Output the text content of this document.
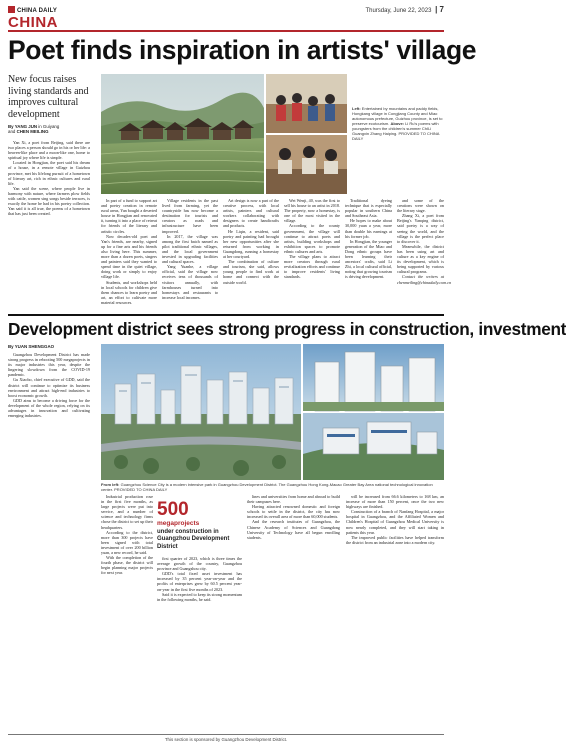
CHINA DAILY	Thursday, June 22, 2023 | 7
CHINA
Poet finds inspiration in artists' village
New focus raises living standards and improves cultural development
By YANG JUN in Guiyang
and CHEN MEILING
Left: Entertained by mountains and paddy fields, Hongkang village in Congjiang County and Miao autonomous prefecture, Guizhou province, is set to preserve ecotourism. Above: Li Ru's poems with youngsters from the children's summer ChILi Guangxin Zhang Haiping. PROVIDED TO CHINA DAILY

Yan Xi, a poet from Beijing, said there are two places a person should go in his or her life: a heaven-like place and a moon-like one, home to spiritual joy where life is simple.

Located in Hongjian, the poet said his dream of a house, in a remote village in Guizhou province, met his lifelong pursuit of a hometown of literary art, rich in ethnic cultures and rural life.

Yan said the scene, where people live in harmony with nature, where farmers plow fields with cattle, women sing songs beside terraces, is exactly the home he had in his poetry collection. Yan said it is all true, the poems of a hometown that has just been created.

In part of a fund to support art and poetry creation in remote rural areas, Yan bought a deserted house in Hongjian and renovated it, turning it into a place of retreat for friends of the literary and artistic circles.

Now decades-old poet and Yan's friends, are nearby, signed up for a fine arts and his friends also living here. This summer, more than a dozen poets, singers and painters said they wanted to spend time in the quiet village, doing work or simply to enjoy village life.

Students, and workshops held in local schools for children give them chances to learn poetry and art, an effort to cultivate more material resources.

Village residents in the past lived from farming, yet the countryside has now become a destination for tourists and creators as roads and infrastructure have been improved.

In 2017, the village was among the first batch named as pilot traditional ethnic villages, and the local government invested in upgrading facilities and cultural spaces.

Yang Yuanhe, a village official, said the village now receives tens of thousands of visitors annually, with farmhouses turned into homestays and restaurants to increase local incomes.

Art design is now a part of the creative process, with local artists, painters and cultural workers collaborating with designers to create handicrafts and products.

He Liqin, a resident, said poetry and painting had brought her new opportunities after she returned from working in Guangdong, running a homestay at her courtyard.

The combination of culture and tourism, she said, allows young people to find work at home and connect with the outside world.

Wei Wenji, 40, was the first to sell his house to an artist in 2018. The property, now a homestay, is one of the most visited in the village.

According to the county government, the village will continue to attract poets and artists, building workshops and exhibition spaces to promote ethnic cultures and arts.

The village plans to attract more creators through rural revitalization efforts and continue to improve residents' living standards.

Traditional dyeing technique that is especially popular in southern China and Southeast Asia.

He hopes to make about 30,000 yuan a year, more than double his earnings at his former job.

In Hongjian, the younger generation of the Miao and Dong ethnic groups have been learning their ancestors' crafts, said Li Zhi, a local cultural official, noting that growing tourism is driving development.

and some of the creations were shown on the literary stage.

Zhang Xi, a poet from Beijing's Yanqing district, said poetry is a way of seeing the world, and the village is the perfect place to discover it.

Meanwhile, the district has been using art and culture as a key engine of its development, which is being supported by various cultural programs.

Contact the writers at chenmeiling@chinadaily.com.cn

Development district sees strong progress in construction, investment
By YUAN SHENGGAO
From left: Guangzhou Science City is a modern intensive park in Guangzhou Development District. The Guangzhou Hong Kong-Macao Greater Bay Area national technological innovation center. PROVIDED TO CHINA DAILY

Guangzhou Development District has made strong progress in rebooting 500 megaprojects in its major industries this year, despite the lingering slowdown from the COVID-19 pandemic.

Gu Xiaobo, chief executive of GDD, said the district will continue to optimize its business environment and attract high-end industries to boost economic growth.

GDD aims to become a driving force for the development of the whole region, relying on its advantages in innovation and cultivating emerging industries.

Industrial production rose in the first five months, as large projects were put into service, and a number of science and technology firms chose the district to set up their headquarters.

According to the district, more than 300 projects have been signed with total investment of over 200 billion yuan, a new record, he said.

With the completion of the fourth phase, the district will begin planning major projects for next year.

500
megaprojects
under construction in Guangzhou Development District

first quarter of 2023, which is three times the average growth of the country, Guangzhou province and Guangzhou city.

GDD's total fixed asset investment has increased by 35 percent year-on-year and the profits of enterprises grew by 60.5 percent year-on-year in the first five months of 2023.

Said it is expected to keep its strong momentum in the following months, he said.

lines and universities from home and abroad to build their campuses here.

Having attracted renowned domestic and foreign schools to settle in the district, the city has now increased its overall area of more than 60,000 students.

And the research institutes of Guangzhou, the Chinese Academy of Sciences and Guangdong University of Technology have all begun enrolling students.

will be increased from 66.6 kilometers to 168 km, an increase of more than 150 percent, once the two new highways are finished.

Construction of a branch of Nanfang Hospital, a major hospital in Guangzhou, and the Affiliated Women and Children's Hospital of Guangzhou Medical University is now nearly completed, and they will start taking in patients this year.

The improved public facilities have helped transform the district from an industrial zone into a modern city.

This section is sponsored by Guangzhou Development District.
